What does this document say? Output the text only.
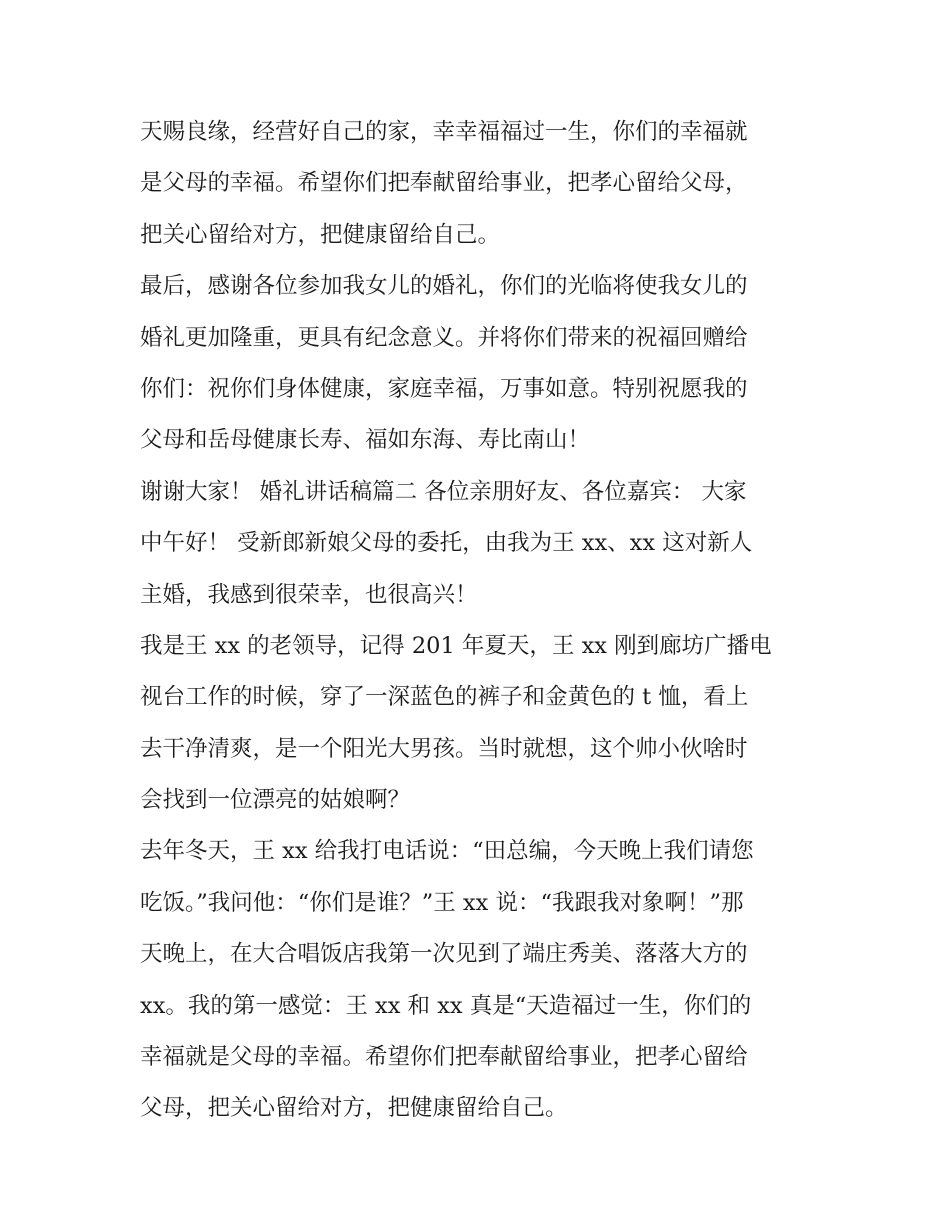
天赐良缘，经营好自己的家，幸幸福福过一生，你们的幸福就
是父母的幸福。希望你们把奉献留给事业，把孝心留给父母，
把关心留给对方，把健康留给自己。
最后，感谢各位参加我女儿的婚礼，你们的光临将使我女儿的
婚礼更加隆重，更具有纪念意义。并将你们带来的祝福回赠给
你们：祝你们身体健康，家庭幸福，万事如意。特别祝愿我的
父母和岳母健康长寿、福如东海、寿比南山！
谢谢大家！ 婚礼讲话稿篇二 各位亲朋好友、各位嘉宾： 大家
中午好！ 受新郎新娘父母的委托，由我为王 xx、xx 这对新人
主婚，我感到很荣幸，也很高兴！
我是王 xx 的老领导，记得 201 年夏天，王 xx 刚到廊坊广播电
视台工作的时候，穿了一深蓝色的裤子和金黄色的 t 恤，看上
去干净清爽，是一个阳光大男孩。当时就想，这个帅小伙啥时
会找到一位漂亮的姑娘啊？
去年冬天，王 xx 给我打电话说：“田总编，今天晚上我们请您
吃饭。”我问他：“你们是谁？”王 xx 说：“我跟我对象啊！”那
天晚上，在大合唱饭店我第一次见到了端庄秀美、落落大方的
xx。我的第一感觉：王 xx 和 xx 真是“天造福过一生，你们的
幸福就是父母的幸福。希望你们把奉献留给事业，把孝心留给
父母，把关心留给对方，把健康留给自己。
